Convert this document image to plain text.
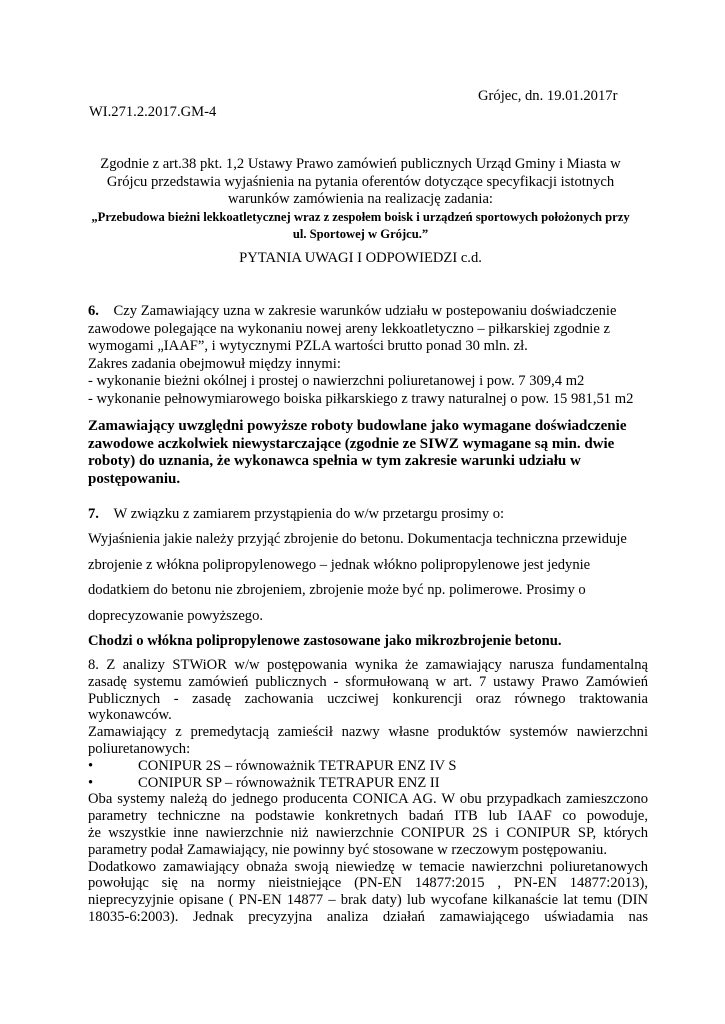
Grójec, dn. 19.01.2017r

WI.271.2.2017.GM-4

Zgodnie z art.38 pkt. 1,2 Ustawy Prawo zamówień publicznych Urząd Gminy i Miasta w
Grójcu przedstawia wyjaśnienia na pytania oferentów dotyczące specyfikacji istotnych
warunków zamówienia na realizację zadania:
„Przebudowa bieżni lekkoatletycznej wraz z zespołem boisk i urządzeń sportowych położonych przy
ul. Sportowej w Grójcu.”

PYTANIA UWAGI I ODPOWIEDZI c.d.

6. Czy Zamawiający uzna w zakresie warunków udziału w postepowaniu doświadczenie
zawodowe polegające na wykonaniu nowej areny lekkoatletyczno – piłkarskiej zgodnie z
wymogami „IAAF”, i wytycznymi PZLA wartości brutto ponad 30 mln. zł.
Zakres zadania obejmowuł między innymi:
- wykonanie bieżni okólnej i prostej o nawierzchni poliuretanowej i pow. 7 309,4 m2
- wykonanie pełnowymiarowego boiska piłkarskiego z trawy naturalnej o pow. 15 981,51 m2
Zamawiający uwzględni powyższe roboty budowlane jako wymagane doświadczenie
zawodowe aczkolwiek niewystarczające (zgodnie ze SIWZ wymagane są min. dwie
roboty) do uznania, że wykonawca spełnia w tym zakresie warunki udziału w
postępowaniu.
7. W związku z zamiarem przystąpienia do w/w przetargu prosimy o:
Wyjaśnienia jakie należy przyjąć zbrojenie do betonu. Dokumentacja techniczna przewiduje
zbrojenie z włókna polipropylenowego – jednak włókno polipropylenowe jest jedynie
dodatkiem do betonu nie zbrojeniem, zbrojenie może być np. polimerowe. Prosimy o
doprecyzowanie powyższego.
Chodzi o włókna polipropylenowe zastosowane jako mikrozbrojenie betonu.
8. Z analizy STWiOR w/w postępowania wynika że zamawiający narusza fundamentalną
zasadę systemu zamówień publicznych - sformułowaną w art. 7 ustawy Prawo Zamówień
Publicznych - zasadę zachowania uczciwej konkurencji oraz równego traktowania
wykonawców.
Zamawiający z premedytacją zamieścił nazwy własne produktów systemów nawierzchni
poliuretanowych:
•	CONIPUR 2S – równoważnik TETRAPUR ENZ IV S
•	CONIPUR SP – równoważnik TETRAPUR ENZ II
Oba systemy należą do jednego producenta CONICA AG. W obu przypadkach zamieszczono
parametry techniczne na podstawie konkretnych badań ITB lub IAAF co powoduje,
że wszystkie inne nawierzchnie niż nawierzchnie CONIPUR 2S i CONIPUR SP, których
parametry podał Zamawiający, nie powinny być stosowane w rzeczowym postępowaniu.
Dodatkowo zamawiający obnaża swoją niewiedzę w temacie nawierzchni poliuretanowych
powołując się na normy nieistniejące (PN-EN 14877:2015 , PN-EN 14877:2013),
nieprecyzyjnie opisane ( PN-EN 14877 – brak daty) lub wycofane kilkanaście lat temu (DIN
18035-6:2003). Jednak precyzyjna analiza działań zamawiającego uświadamia nas
